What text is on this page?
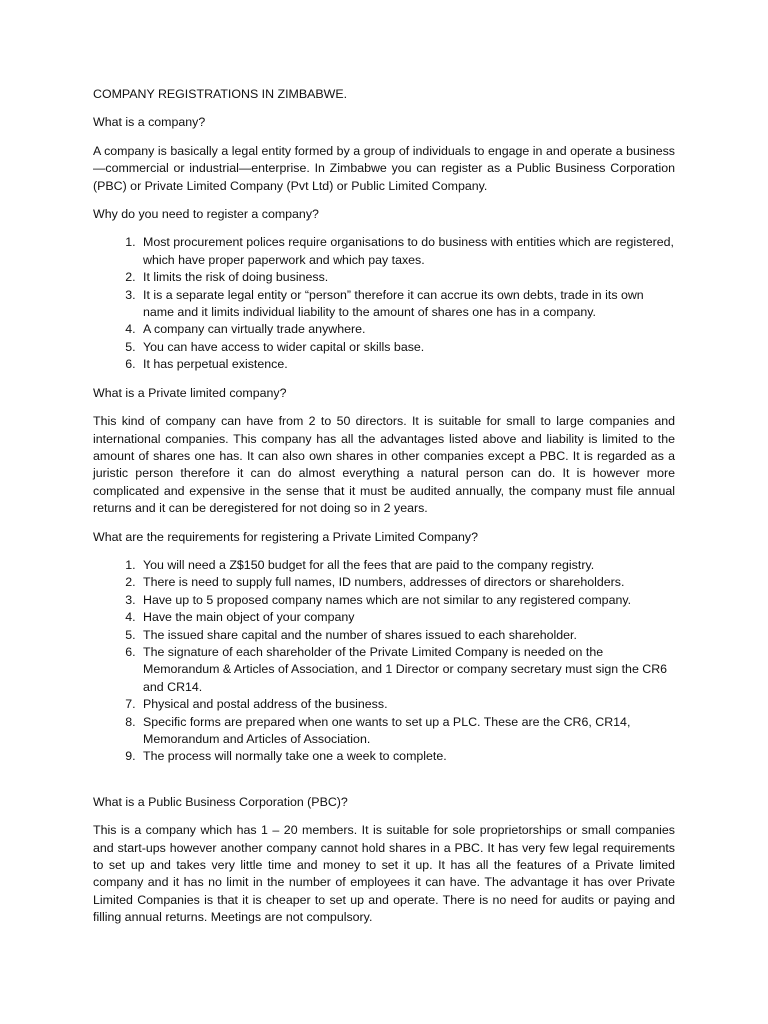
COMPANY REGISTRATIONS IN ZIMBABWE.
What is a company?
A company is basically a legal entity formed by a group of individuals to engage in and operate a business—commercial or industrial—enterprise. In Zimbabwe you can register as a Public Business Corporation (PBC) or Private Limited Company (Pvt Ltd) or Public Limited Company.
Why do you need to register a company?
1. Most procurement polices require organisations to do business with entities which are registered, which have proper paperwork and which pay taxes.
2. It limits the risk of doing business.
3. It is a separate legal entity or “person” therefore it can accrue its own debts, trade in its own name and it limits individual liability to the amount of shares one has in a company.
4. A company can virtually trade anywhere.
5. You can have access to wider capital or skills base.
6. It has perpetual existence.
What is a Private limited company?
This kind of company can have from 2 to 50 directors. It is suitable for small to large companies and international companies. This company has all the advantages listed above and liability is limited to the amount of shares one has. It can also own shares in other companies except a PBC. It is regarded as a juristic person therefore it can do almost everything a natural person can do. It is however more complicated and expensive in the sense that it must be audited annually, the company must file annual returns and it can be deregistered for not doing so in 2 years.
What are the requirements for registering a Private Limited Company?
1. You will need a Z$150 budget for all the fees that are paid to the company registry.
2. There is need to supply full names, ID numbers, addresses of directors or shareholders.
3. Have up to 5 proposed company names which are not similar to any registered company.
4. Have the main object of your company
5. The issued share capital and the number of shares issued to each shareholder.
6. The signature of each shareholder of the Private Limited Company is needed on the Memorandum & Articles of Association, and 1 Director or company secretary must sign the CR6 and CR14.
7. Physical and postal address of the business.
8. Specific forms are prepared when one wants to set up a PLC. These are the CR6, CR14, Memorandum and Articles of Association.
9. The process will normally take one a week to complete.
What is a Public Business Corporation (PBC)?
This is a company which has 1 – 20 members. It is suitable for sole proprietorships or small companies and start-ups however another company cannot hold shares in a PBC. It has very few legal requirements to set up and takes very little time and money to set it up. It has all the features of a Private limited company and it has no limit in the number of employees it can have. The advantage it has over Private Limited Companies is that it is cheaper to set up and operate. There is no need for audits or paying and filling annual returns. Meetings are not compulsory.
